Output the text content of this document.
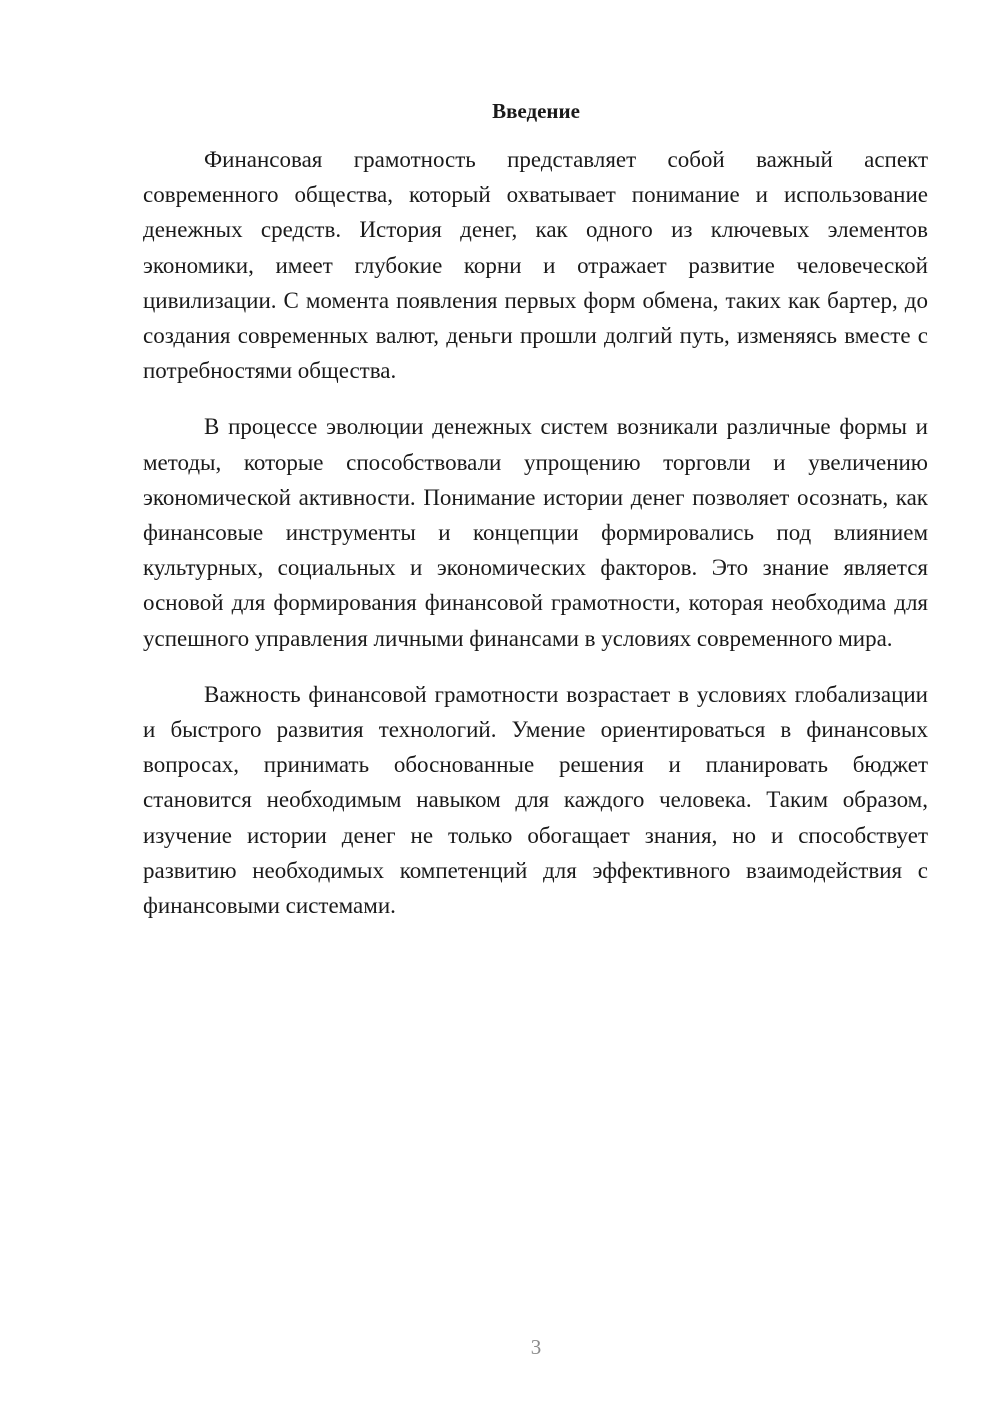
Введение

Финансовая грамотность представляет собой важный аспект современного общества, который охватывает понимание и использование денежных средств. История денег, как одного из ключевых элементов экономики, имеет глубокие корни и отражает развитие человеческой цивилизации. С момента появления первых форм обмена, таких как бартер, до создания современных валют, деньги прошли долгий путь, изменяясь вместе с потребностями общества.

В процессе эволюции денежных систем возникали различные формы и методы, которые способствовали упрощению торговли и увеличению экономической активности. Понимание истории денег позволяет осознать, как финансовые инструменты и концепции формировались под влиянием культурных, социальных и экономических факторов. Это знание является основой для формирования финансовой грамотности, которая необходима для успешного управления личными финансами в условиях современного мира.

Важность финансовой грамотности возрастает в условиях глобализации и быстрого развития технологий. Умение ориентироваться в финансовых вопросах, принимать обоснованные решения и планировать бюджет становится необходимым навыком для каждого человека. Таким образом, изучение истории денег не только обогащает знания, но и способствует развитию необходимых компетенций для эффективного взаимодействия с финансовыми системами.

3
